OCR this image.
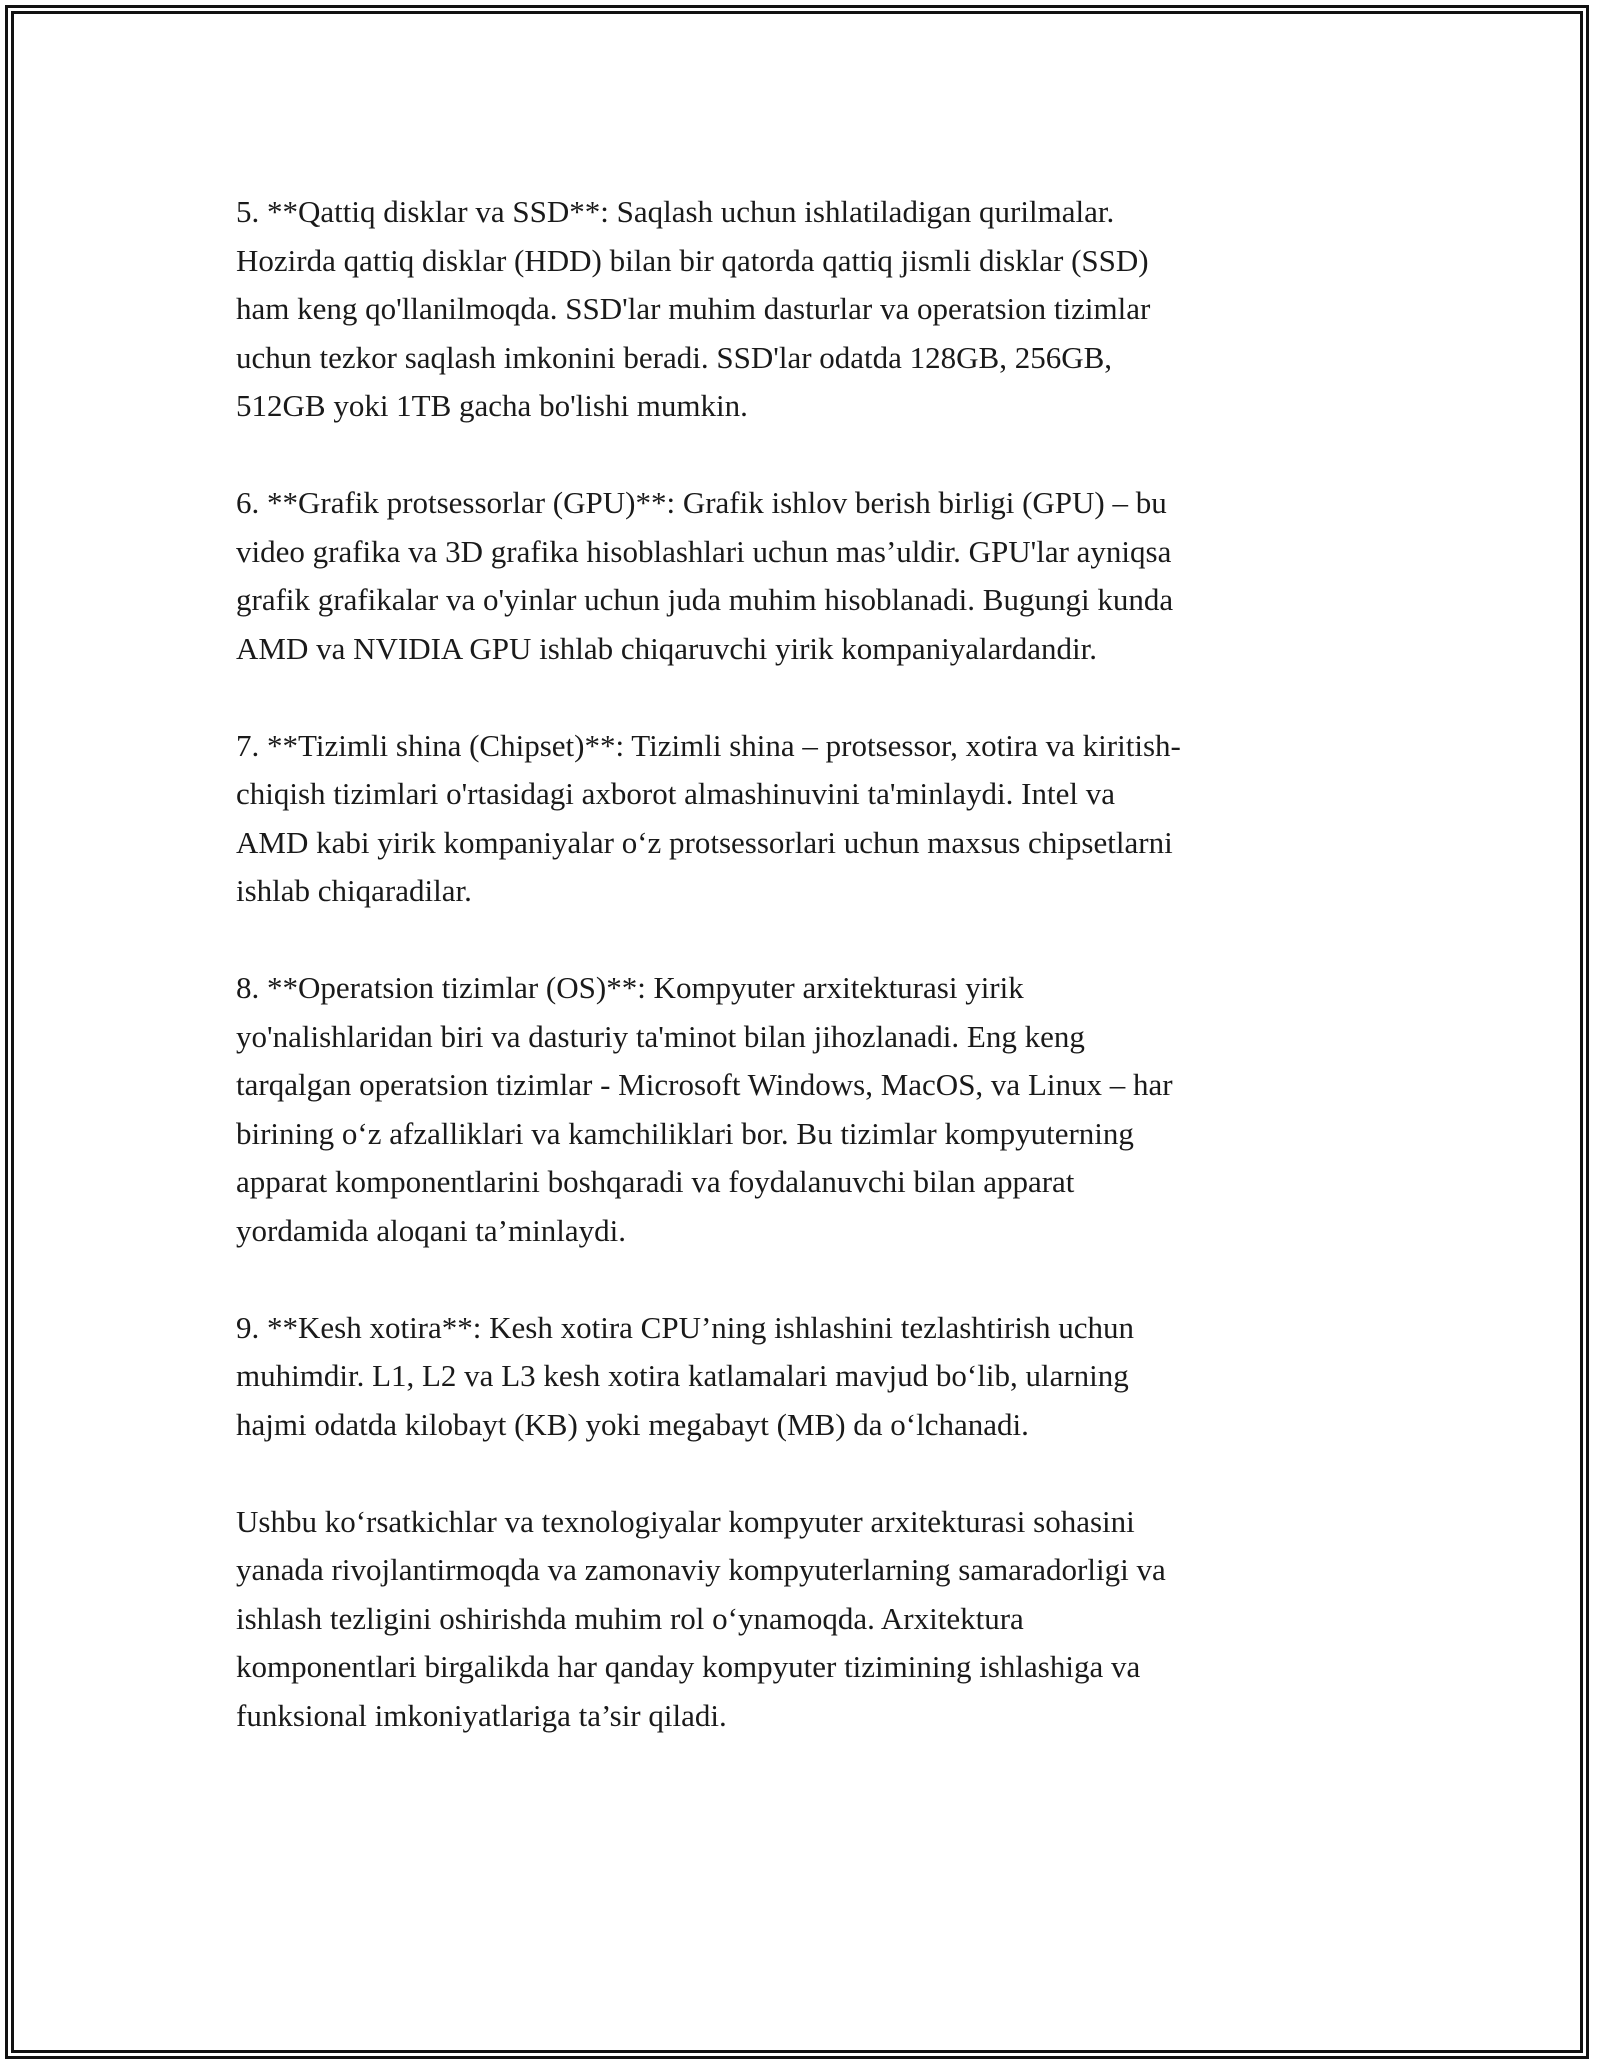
5. **Qattiq disklar va SSD**: Saqlash uchun ishlatiladigan qurilmalar.
Hozirda qattiq disklar (HDD) bilan bir qatorda qattiq jismli disklar (SSD)
ham keng qo'llanilmoqda. SSD'lar muhim dasturlar va operatsion tizimlar
uchun tezkor saqlash imkonini beradi. SSD'lar odatda 128GB, 256GB,
512GB yoki 1TB gacha bo'lishi mumkin.
6. **Grafik protsessorlar (GPU)**: Grafik ishlov berish birligi (GPU) – bu
video grafika va 3D grafika hisoblashlari uchun mas’uldir. GPU'lar ayniqsa
grafik grafikalar va o'yinlar uchun juda muhim hisoblanadi. Bugungi kunda
AMD va NVIDIA GPU ishlab chiqaruvchi yirik kompaniyalardandir.
7. **Tizimli shina (Chipset)**: Tizimli shina – protsessor, xotira va kiritish-
chiqish tizimlari o'rtasidagi axborot almashinuvini ta'minlaydi. Intel va
AMD kabi yirik kompaniyalar oʻz protsessorlari uchun maxsus chipsetlarni
ishlab chiqaradilar.
8. **Operatsion tizimlar (OS)**: Kompyuter arxitekturasi yirik
yo'nalishlaridan biri va dasturiy ta'minot bilan jihozlanadi. Eng keng
tarqalgan operatsion tizimlar - Microsoft Windows, MacOS, va Linux – har
birining oʻz afzalliklari va kamchiliklari bor. Bu tizimlar kompyuterning
apparat komponentlarini boshqaradi va foydalanuvchi bilan apparat
yordamida aloqani ta’minlaydi.
9. **Kesh xotira**: Kesh xotira CPU’ning ishlashini tezlashtirish uchun
muhimdir. L1, L2 va L3 kesh xotira katlamalari mavjud boʻlib, ularning
hajmi odatda kilobayt (KB) yoki megabayt (MB) da oʻlchanadi.
Ushbu koʻrsatkichlar va texnologiyalar kompyuter arxitekturasi sohasini
yanada rivojlantirmoqda va zamonaviy kompyuterlarning samaradorligi va
ishlash tezligini oshirishda muhim rol oʻynamoqda. Arxitektura
komponentlari birgalikda har qanday kompyuter tizimining ishlashiga va
funksional imkoniyatlariga ta’sir qiladi.
